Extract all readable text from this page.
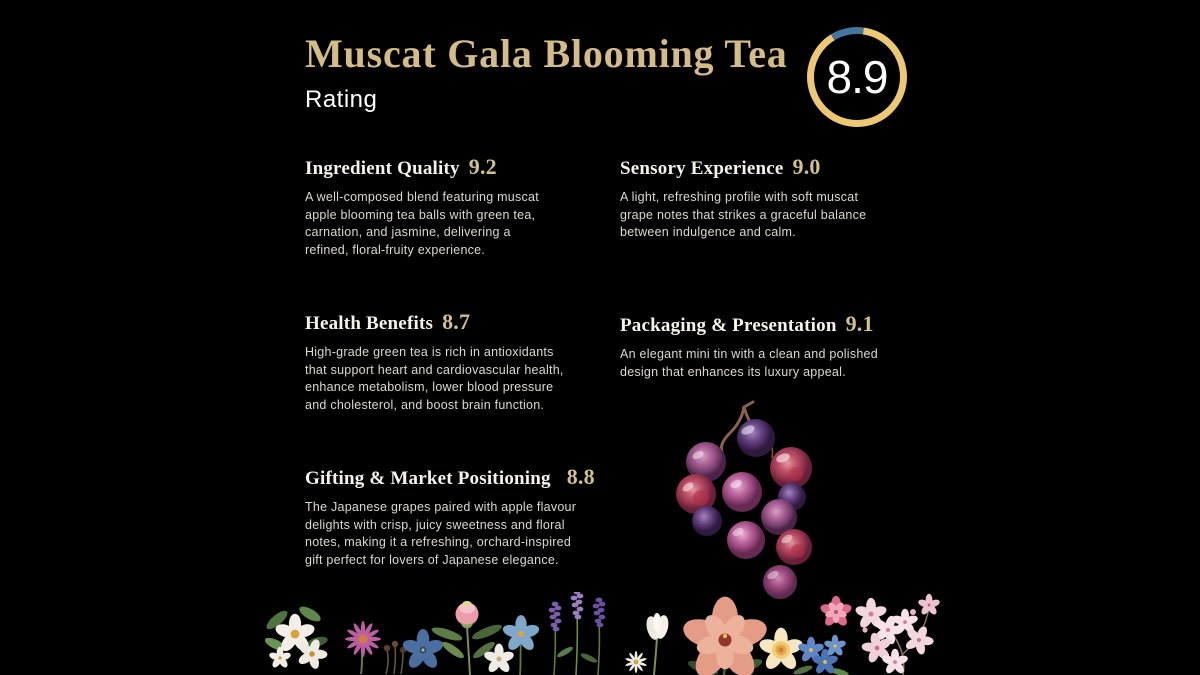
Muscat Gala Blooming Tea
Rating	8.9
Ingredient Quality 9.2

A well-composed blend featuring muscat apple blooming tea balls with green tea, carnation, and jasmine, delivering a refined, floral-fruity experience.

Sensory Experience 9.0

A light, refreshing profile with soft muscat grape notes that strikes a graceful balance between indulgence and calm.

Health Benefits 8.7

High-grade green tea is rich in antioxidants that support heart and cardiovascular health, enhance metabolism, lower blood pressure and cholesterol, and boost brain function.

Packaging & Presentation 9.1

An elegant mini tin with a clean and polished design that enhances its luxury appeal.

Gifting & Market Positioning 8.8

The Japanese grapes paired with apple flavour delights with crisp, juicy sweetness and floral notes, making it a refreshing, orchard-inspired gift perfect for lovers of Japanese elegance.
